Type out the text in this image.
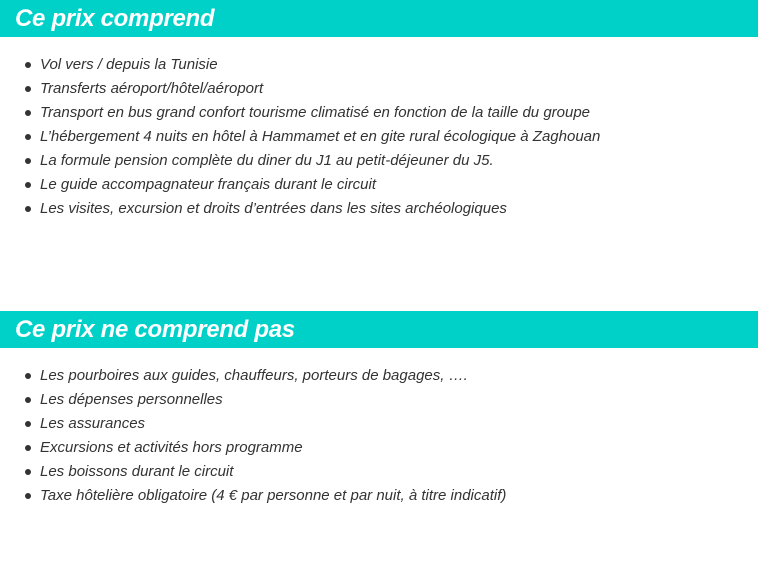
Ce prix comprend
Vol vers / depuis la Tunisie
Transferts aéroport/hôtel/aéroport
Transport en bus grand confort tourisme climatisé en fonction de la taille du groupe
L’hébergement 4 nuits en hôtel à Hammamet et en gite rural écologique à Zaghouan
La formule pension complète du diner du J1 au petit-déjeuner du J5.
Le guide accompagnateur français durant le circuit
Les visites, excursion et droits d’entrées dans les sites archéologiques
Ce prix ne comprend pas
Les pourboires aux guides, chauffeurs, porteurs de bagages, ….
Les dépenses personnelles
Les assurances
Excursions et activités hors programme
Les boissons durant le circuit
Taxe hôtelière obligatoire (4 € par personne et par nuit, à titre indicatif)
